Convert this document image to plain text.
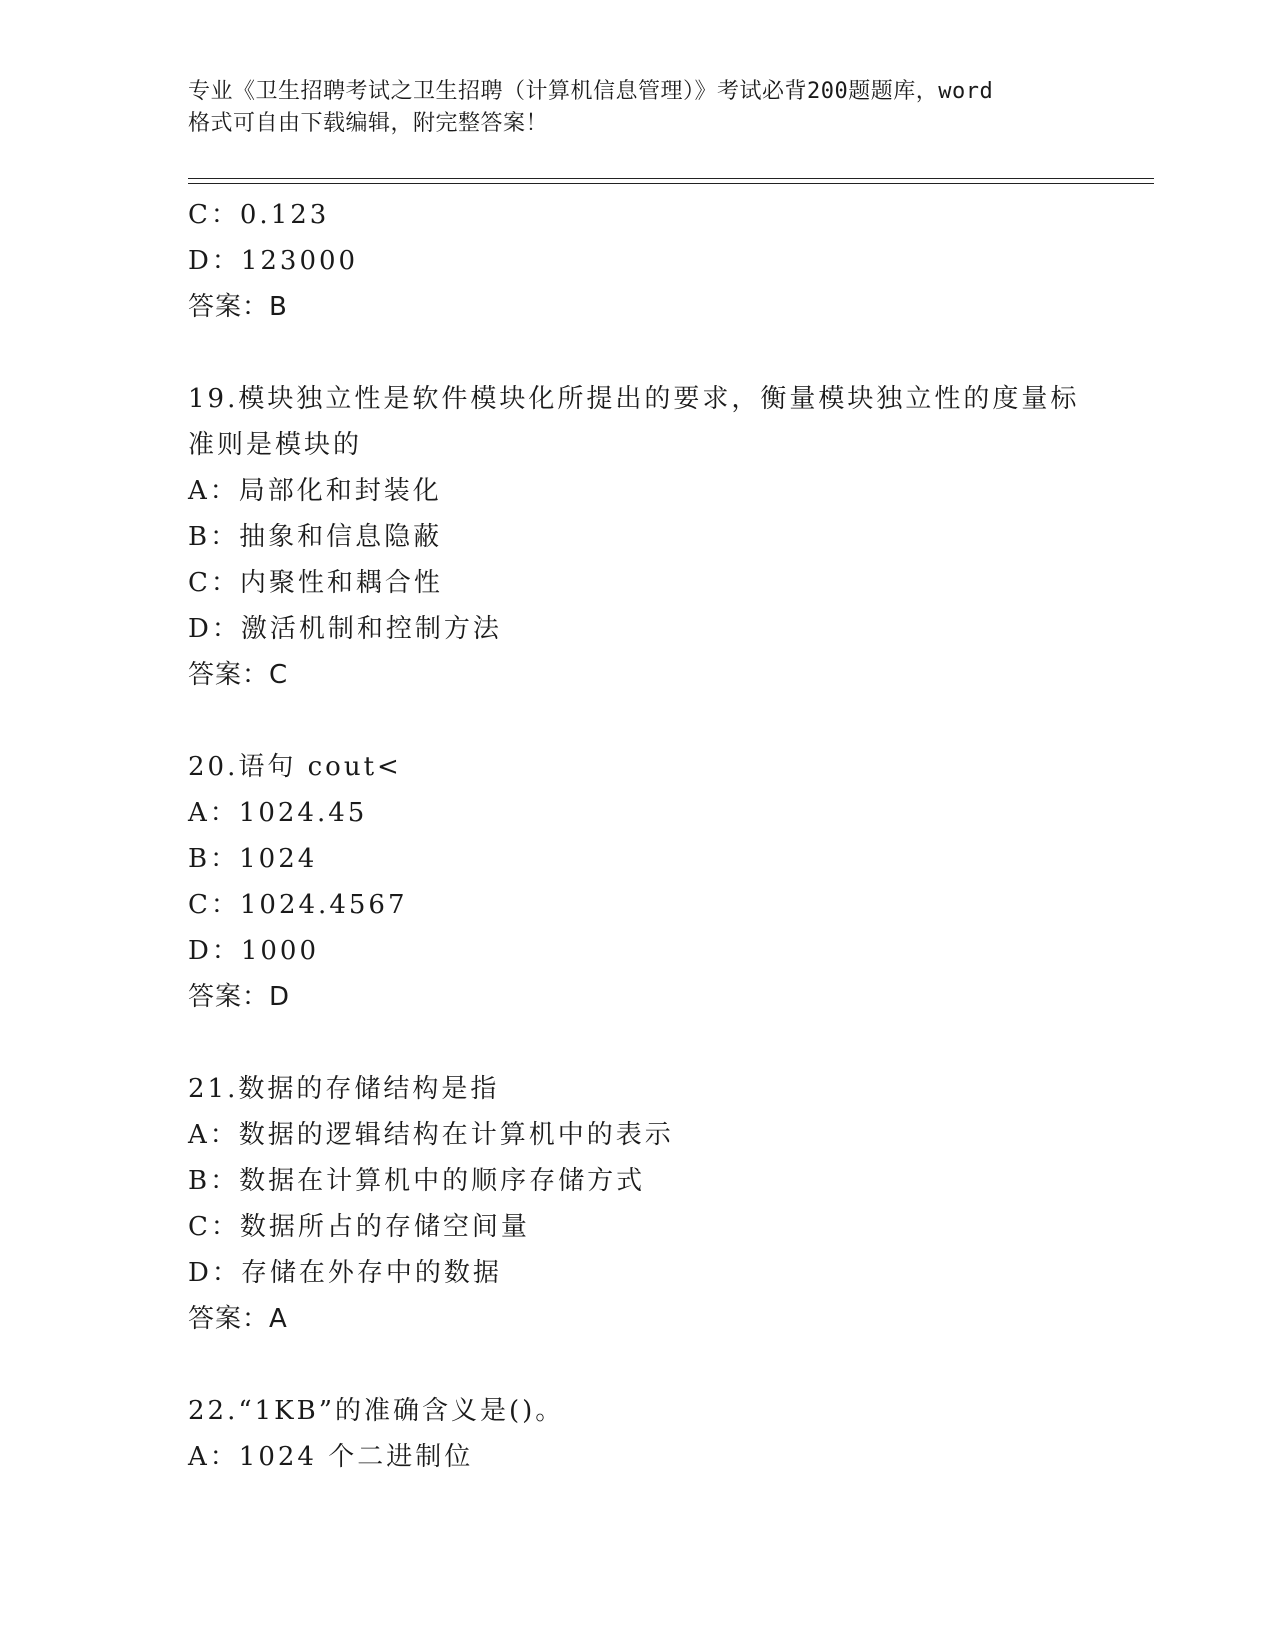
专业《卫生招聘考试之卫生招聘（计算机信息管理）》考试必背200题题库，word
格式可自由下载编辑，附完整答案！
C：0.123
D：123000
答案：B
19.模块独立性是软件模块化所提出的要求，衡量模块独立性的度量标
准则是模块的
A：局部化和封装化
B：抽象和信息隐蔽
C：内聚性和耦合性
D：激活机制和控制方法
答案：C
20.语句 cout<
A：1024.45
B：1024
C：1024.4567
D：1000
答案：D
21.数据的存储结构是指
A：数据的逻辑结构在计算机中的表示
B：数据在计算机中的顺序存储方式
C：数据所占的存储空间量
D：存储在外存中的数据
答案：A
22.“1KB”的准确含义是()。
A：1024 个二进制位
